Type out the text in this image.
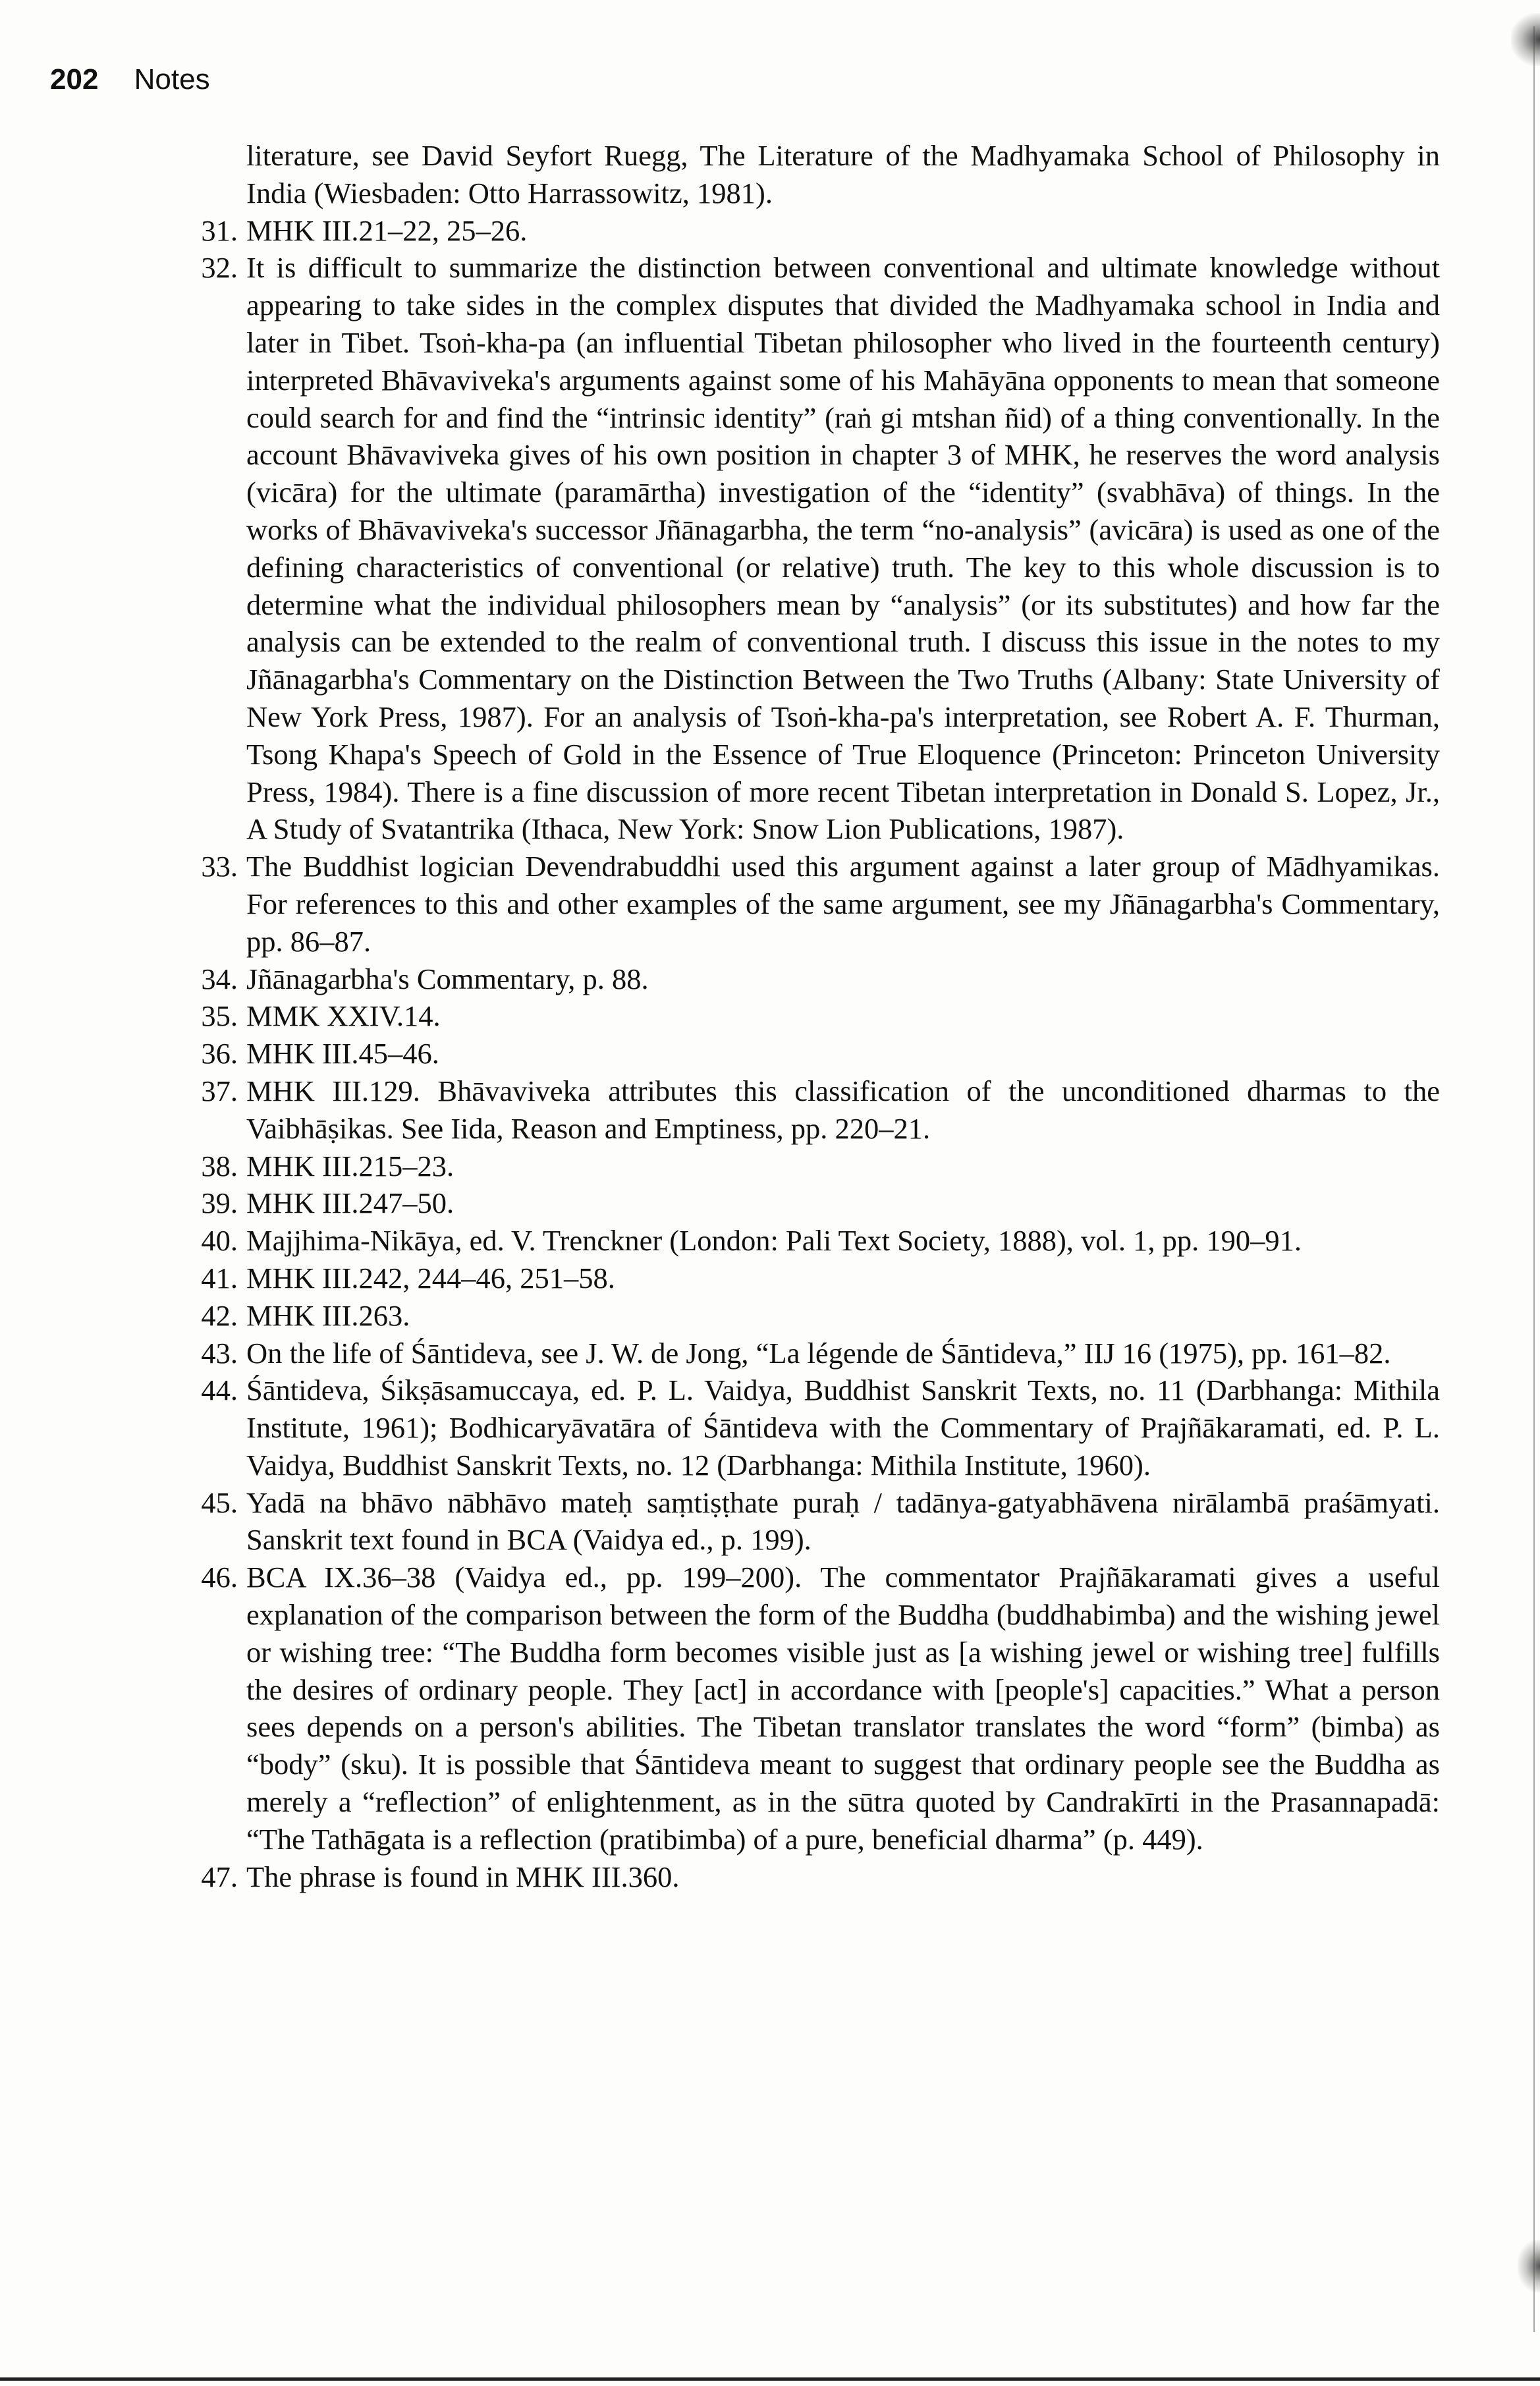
202 Notes
literature, see David Seyfort Ruegg, The Literature of the Madhyamaka School of Philosophy in India (Wiesbaden: Otto Harrassowitz, 1981).
31. MHK III.21–22, 25–26.
32. It is difficult to summarize the distinction between conventional and ultimate knowledge without appearing to take sides in the complex disputes that divided the Madhyamaka school in India and later in Tibet. Tsoṅ-kha-pa (an influential Tibetan philosopher who lived in the fourteenth century) interpreted Bhāvaviveka's arguments against some of his Mahāyāna opponents to mean that someone could search for and find the “intrinsic identity” (raṅ gi mtshan ñid) of a thing conventionally. In the account Bhāvaviveka gives of his own position in chapter 3 of MHK, he reserves the word analysis (vicāra) for the ultimate (paramārtha) investigation of the “identity” (svabhāva) of things. In the works of Bhāvaviveka's successor Jñānagarbha, the term “no-analysis” (avicāra) is used as one of the defining characteristics of conventional (or relative) truth. The key to this whole discussion is to determine what the individual philosophers mean by “analysis” (or its substitutes) and how far the analysis can be extended to the realm of conventional truth. I discuss this issue in the notes to my Jñānagarbha's Commentary on the Distinction Between the Two Truths (Albany: State University of New York Press, 1987). For an analysis of Tsoṅ-kha-pa's interpretation, see Robert A. F. Thurman, Tsong Khapa's Speech of Gold in the Essence of True Eloquence (Princeton: Princeton University Press, 1984). There is a fine discussion of more recent Tibetan interpretation in Donald S. Lopez, Jr., A Study of Svatantrika (Ithaca, New York: Snow Lion Publications, 1987).
33. The Buddhist logician Devendrabuddhi used this argument against a later group of Mādhyamikas. For references to this and other examples of the same argument, see my Jñānagarbha's Commentary, pp. 86–87.
34. Jñānagarbha's Commentary, p. 88.
35. MMK XXIV.14.
36. MHK III.45–46.
37. MHK III.129. Bhāvaviveka attributes this classification of the unconditioned dharmas to the Vaibhāṣikas. See Iida, Reason and Emptiness, pp. 220–21.
38. MHK III.215–23.
39. MHK III.247–50.
40. Majjhima-Nikāya, ed. V. Trenckner (London: Pali Text Society, 1888), vol. 1, pp. 190–91.
41. MHK III.242, 244–46, 251–58.
42. MHK III.263.
43. On the life of Śāntideva, see J. W. de Jong, “La légende de Śāntideva,” IIJ 16 (1975), pp. 161–82.
44. Śāntideva, Śikṣāsamuccaya, ed. P. L. Vaidya, Buddhist Sanskrit Texts, no. 11 (Darbhanga: Mithila Institute, 1961); Bodhicaryāvatāra of Śāntideva with the Commentary of Prajñākaramati, ed. P. L. Vaidya, Buddhist Sanskrit Texts, no. 12 (Darbhanga: Mithila Institute, 1960).
45. Yadā na bhāvo nābhāvo mateḥ saṃtiṣṭhate puraḥ / tadānya-gatyabhāvena nirālambā praśāmyati. Sanskrit text found in BCA (Vaidya ed., p. 199).
46. BCA IX.36–38 (Vaidya ed., pp. 199–200). The commentator Prajñākaramati gives a useful explanation of the comparison between the form of the Buddha (buddhabimba) and the wishing jewel or wishing tree: “The Buddha form becomes visible just as [a wishing jewel or wishing tree] fulfills the desires of ordinary people. They [act] in accordance with [people's] capacities.” What a person sees depends on a person's abilities. The Tibetan translator translates the word “form” (bimba) as “body” (sku). It is possible that Śāntideva meant to suggest that ordinary people see the Buddha as merely a “reflection” of enlightenment, as in the sūtra quoted by Candrakīrti in the Prasannapadā: “The Tathāgata is a reflection (pratibimba) of a pure, beneficial dharma” (p. 449).
47. The phrase is found in MHK III.360.
